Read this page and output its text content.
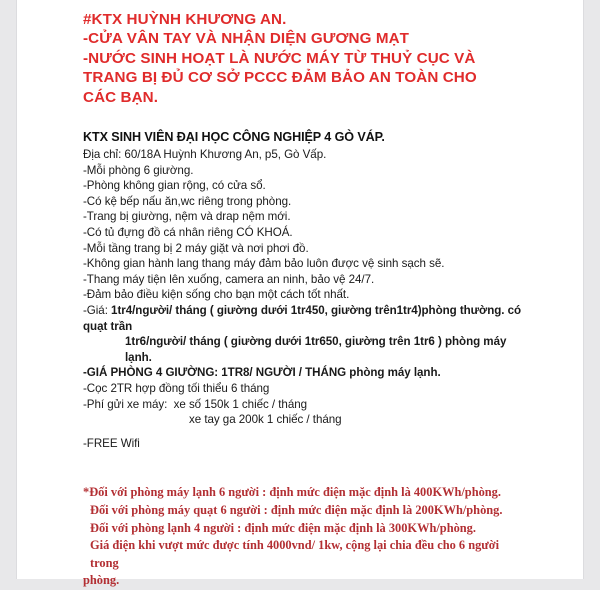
#KTX HUỲNH KHƯƠNG AN.
-CỬA VÂN TAY VÀ NHẬN DIỆN GƯƠNG MẠT
-NƯỚC SINH HOẠT LÀ NƯỚC MÁY TỪ THUỶ CỤC VÀ
TRANG BỊ ĐỦ CƠ SỞ PCCC ĐẢM BẢO AN TOÀN CHO
CÁC BẠN.

KTX SINH VIÊN ĐẠI HỌC CÔNG NGHIỆP 4 GÒ VÁP.

Địa chỉ: 60/18A Huỳnh Khương An, p5, Gò Vấp.

-Mỗi phòng 6 giường.

-Phòng không gian rộng, có cửa sổ.

-Có kệ bếp nấu ăn,wc riêng trong phòng.

-Trang bị giường, nệm và drap nệm mới.

-Có tủ đựng đồ cá nhân riêng CÓ KHOÁ.

-Mỗi tầng trang bị 2 máy giặt và nơi phơi đồ.

-Không gian hành lang thang máy đảm bảo luôn được vệ sinh sạch sẽ.

-Thang máy tiện lên xuống, camera an ninh, bảo vệ 24/7.

-Đảm bảo điều kiện sống cho bạn một cách tốt nhất.

-Giá: 1tr4/người/ tháng ( giường dưới 1tr450, giường trên1tr4)phòng thường. có

quạt trần

1tr6/người/ tháng ( giường dưới 1tr650, giường trên 1tr6 ) phòng máy lạnh.

-GIÁ PHÒNG 4 GIƯỜNG: 1TR8/ NGƯỜI / THÁNG phòng máy lạnh.

-Cọc 2TR hợp đồng tối thiểu 6 tháng

-Phí gửi xe máy:  xe số 150k 1 chiếc / tháng

xe tay ga 200k 1 chiếc / tháng

-FREE Wifi

*Đối với phòng máy lạnh 6 người : định mức điện mặc định là 400KWh/phòng.

Đối với phòng máy quạt 6 người : định mức điện mặc định là 200KWh/phòng.

Đối với phòng lạnh 4 người : định mức điện mặc định là 300KWh/phòng.

Giá điện khi vượt mức được tính 4000vnd/ 1kw, cộng lại chia đều cho 6 người trong

phòng.
